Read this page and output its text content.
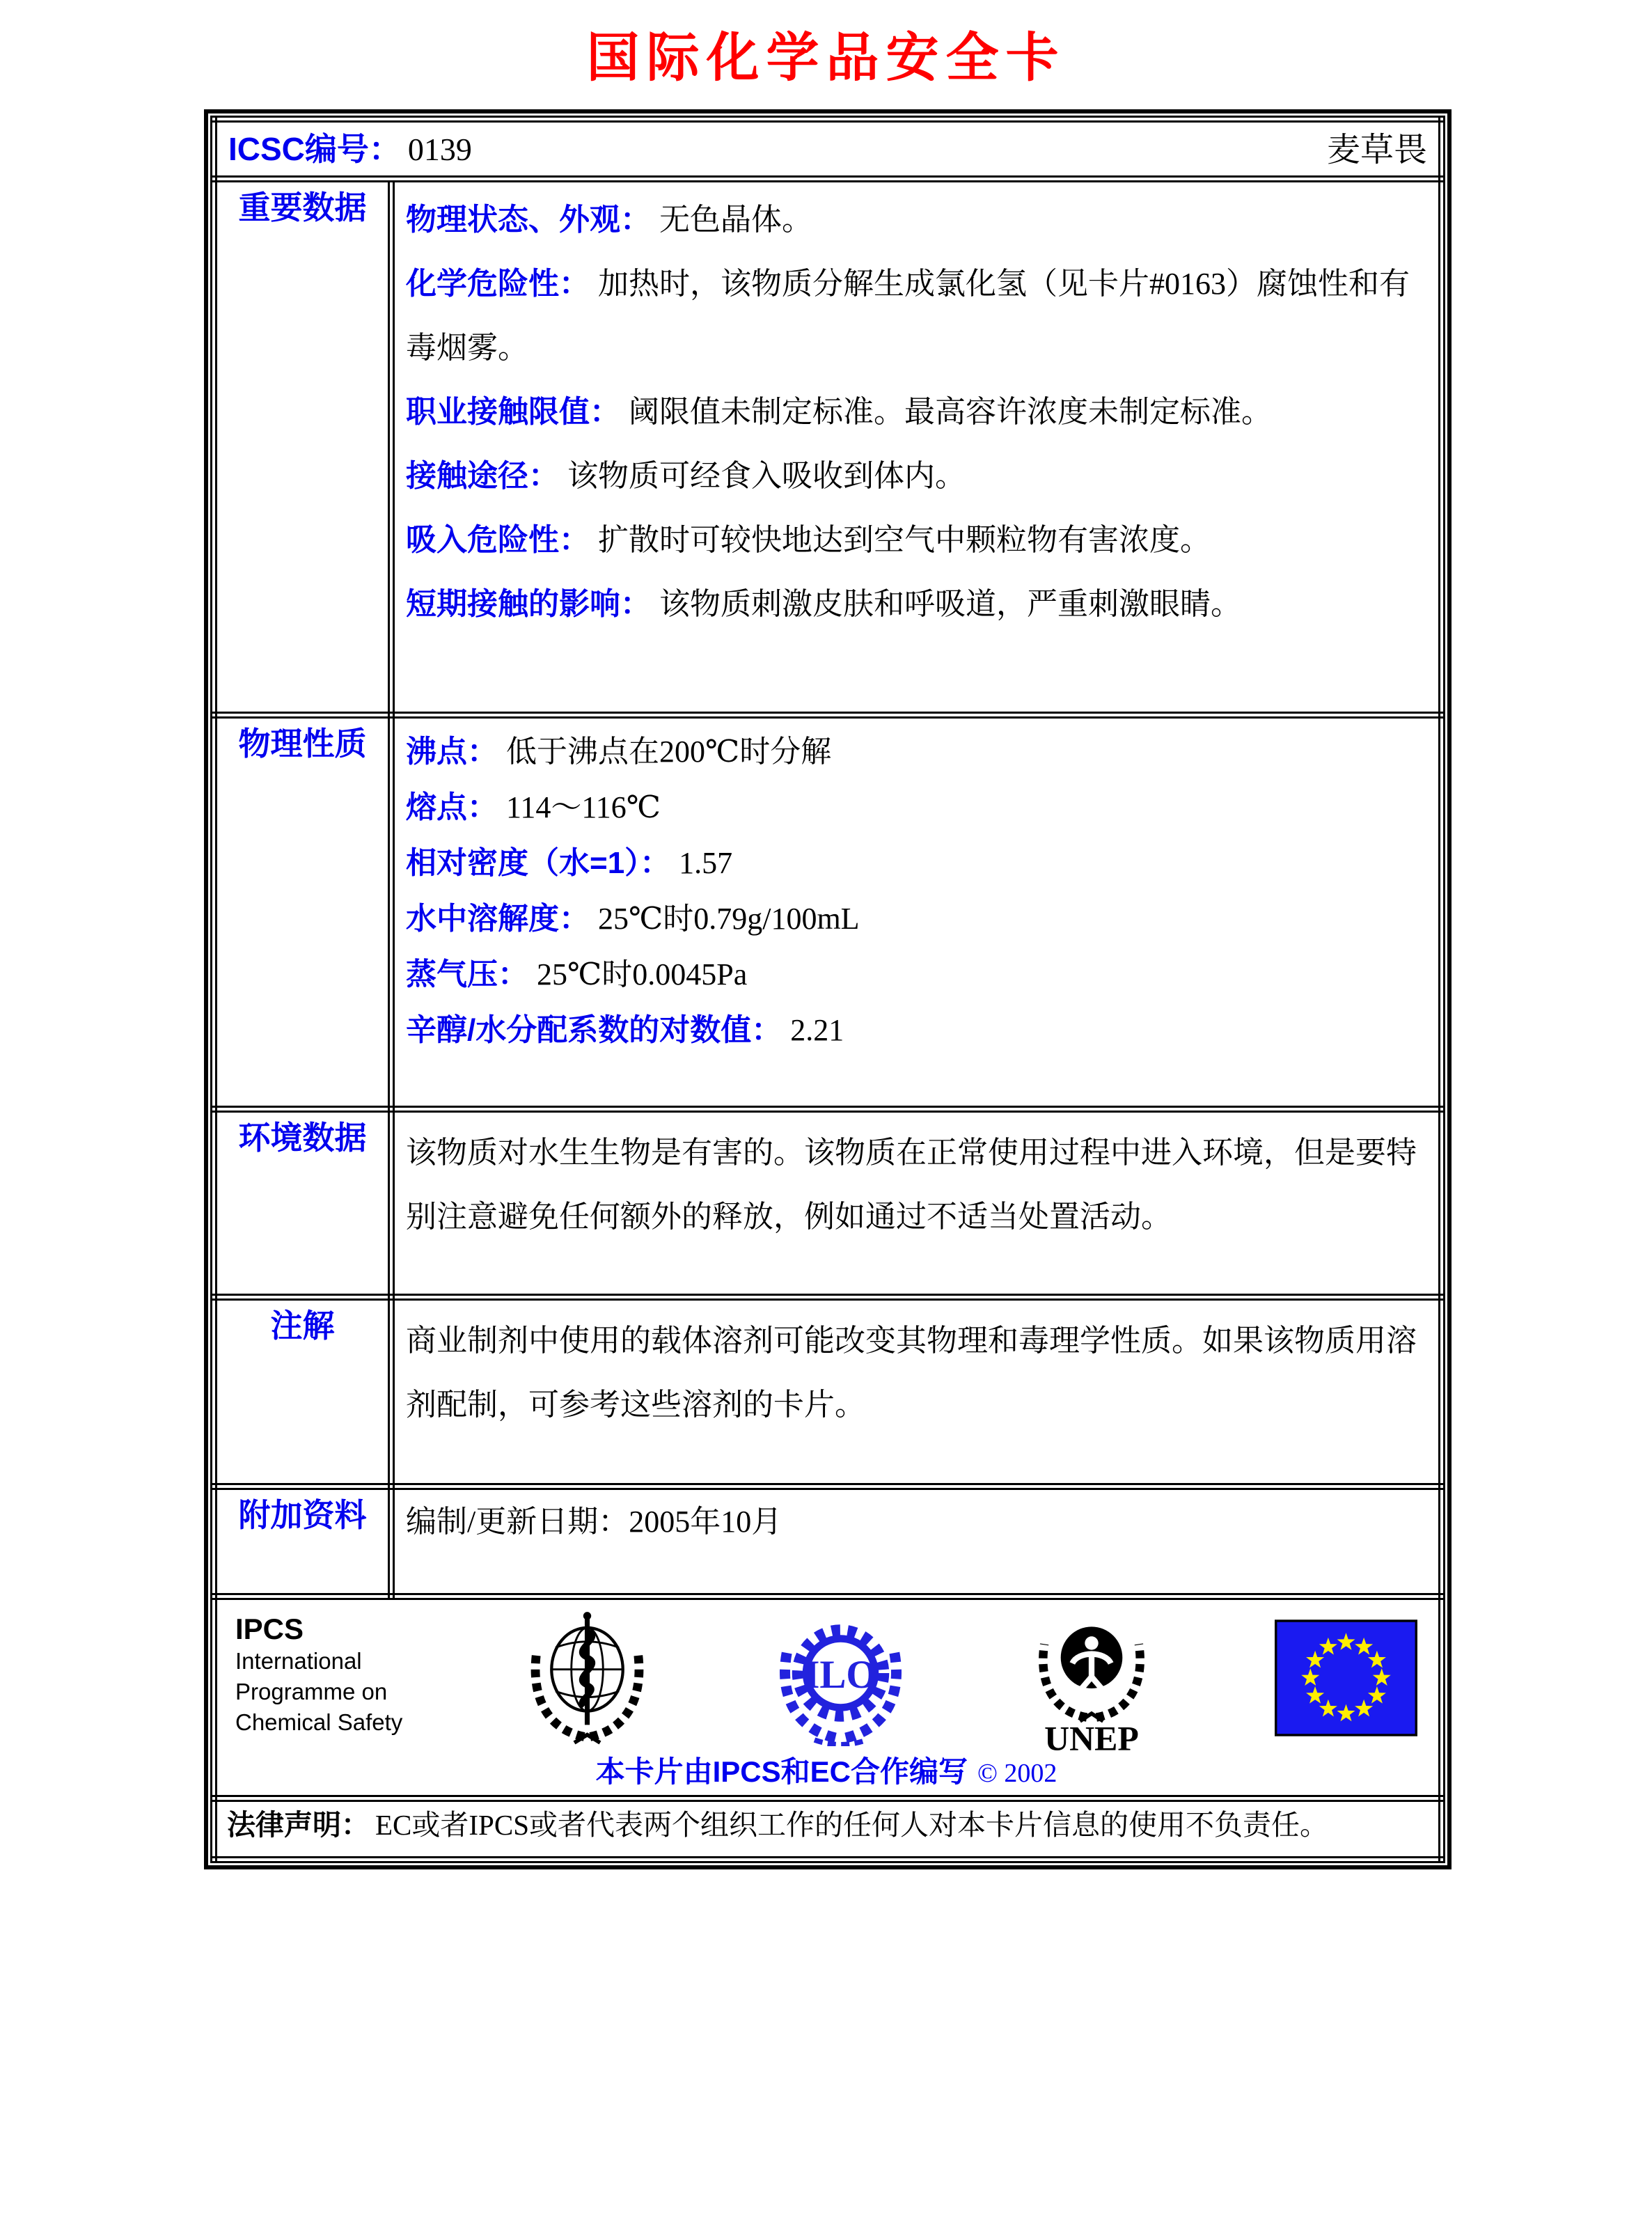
国际化学品安全卡
ICSC编号： 0139 麦草畏	

重要数据	物理状态、外观： 无色晶体。
化学危险性： 加热时，该物质分解生成氯化氢（见卡片#0163）腐蚀性和有毒烟雾。
职业接触限值： 阈限值未制定标准。最高容许浓度未制定标准。
接触途径： 该物质可经食入吸收到体内。
吸入危险性： 扩散时可较快地达到空气中颗粒物有害浓度。
短期接触的影响： 该物质刺激皮肤和呼吸道，严重刺激眼睛。

物理性质	沸点： 低于沸点在200℃时分解
熔点： 114～116℃
相对密度（水=1）： 1.57
水中溶解度： 25℃时0.79g/100mL
蒸气压： 25℃时0.0045Pa
辛醇/水分配系数的对数值： 2.21

环境数据	该物质对水生生物是有害的。该物质在正常使用过程中进入环境，但是要特别注意避免任何额外的释放，例如通过不适当处置活动。

注解	商业制剂中使用的载体溶剂可能改变其物理和毒理学性质。如果该物质用溶剂配制，可参考这些溶剂的卡片。

附加资料	编制/更新日期：2005年10月

IPCS
International
Programme on
Chemical Safety
ILO
UNEP
本卡片由IPCS和EC合作编写 © 2002

法律声明： EC或者IPCS或者代表两个组织工作的任何人对本卡片信息的使用不负责任。	
